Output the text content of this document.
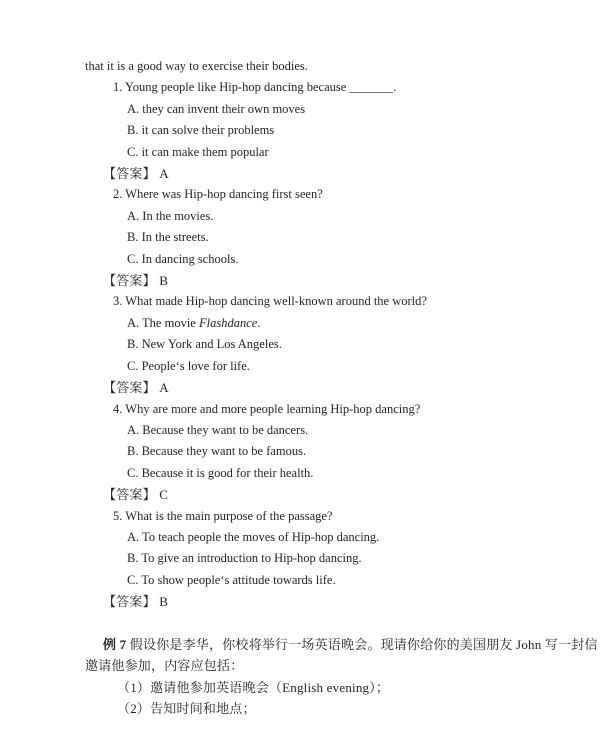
that it is a good way to exercise their bodies.

1. Young people like Hip-hop dancing because _______.

A. they can invent their own moves

B. it can solve their problems

C. it can make them popular

【答案】 A

2. Where was Hip-hop dancing first seen?

A. In the movies.

B. In the streets.

C. In dancing schools.

【答案】 B

3. What made Hip-hop dancing well-known around the world?

A. The movie Flashdance.

B. New York and Los Angeles.

C. People‘s love for life.

【答案】 A

4. Why are more and more people learning Hip-hop dancing?

A. Because they want to be dancers.

B. Because they want to be famous.

C. Because it is good for their health.

【答案】 C

5. What is the main purpose of the passage?

A. To teach people the moves of Hip-hop dancing.

B. To give an introduction to Hip-hop dancing.

C. To show people‘s attitude towards life.

【答案】 B

例 7 假设你是李华，你校将举行一场英语晚会。现请你给你的美国朋友 John 写一封信

邀请他参加，内容应包括：

（1）邀请他参加英语晚会（English evening）；

（2）告知时间和地点；
